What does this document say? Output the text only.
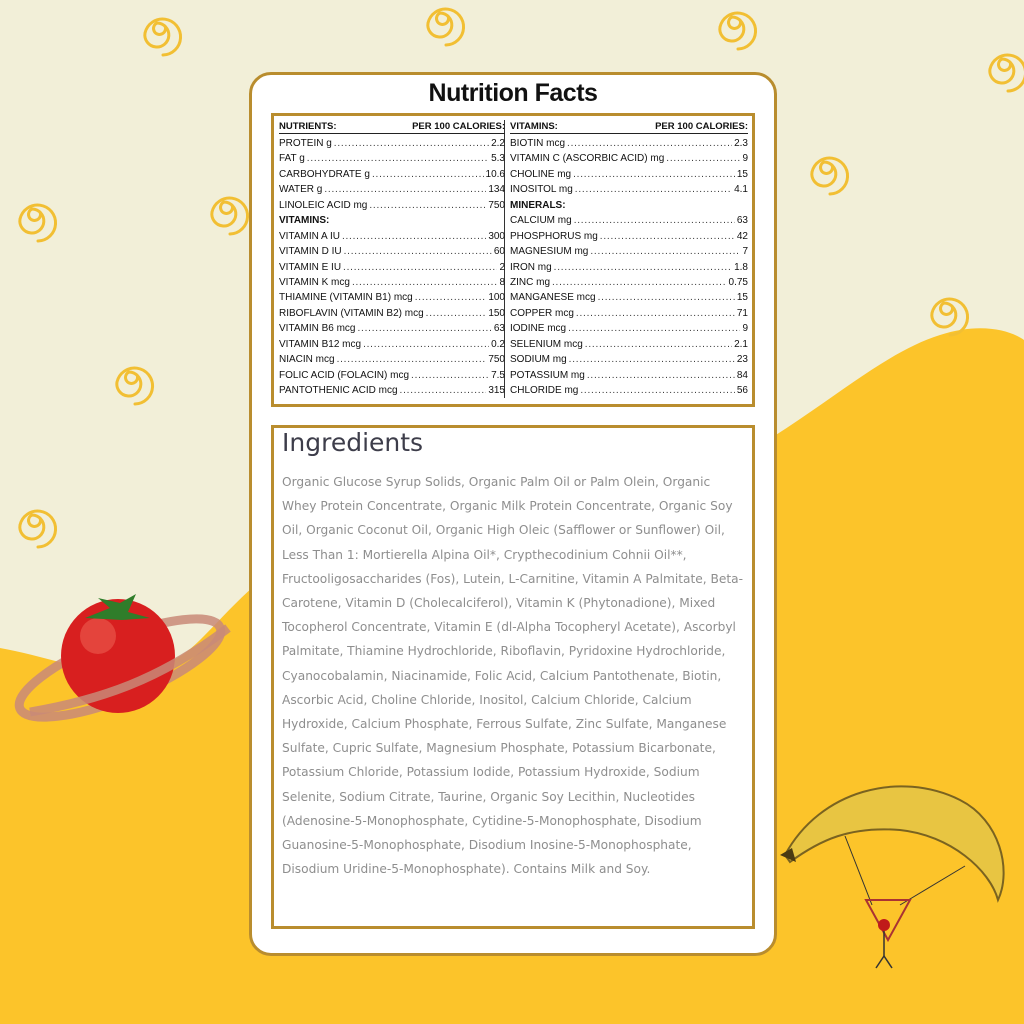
Nutrition Facts
NUTRIENTS:	PER 100 CALORIES:
PROTEIN g . . .	2.2
FAT g . . .	5.3
CARBOHYDRATE g . . .	10.6
WATER g . . .	134
LINOLEIC ACID mg . . .	750
VITAMINS:
VITAMIN A IU . . .	300
VITAMIN D IU . . .	60
VITAMIN E IU . . .	2
VITAMIN K mcg . . .	8
THIAMINE (VITAMIN B1) mcg . . .	100
RIBOFLAVIN (VITAMIN B2) mcg . . .	150
VITAMIN B6 mcg . . .	63
VITAMIN B12 mcg . . .	0.2
NIACIN mcg . . .	750
FOLIC ACID (FOLACIN) mcg . . .	7.5
PANTOTHENIC ACID mcg . . .	315
VITAMINS:	PER 100 CALORIES:
BIOTIN mcg . . .	2.3
VITAMIN C (ASCORBIC ACID) mg . . .	9
CHOLINE mg . . .	15
INOSITOL mg . . .	4.1
MINERALS:
CALCIUM mg . . .	63
PHOSPHORUS mg . . .	42
MAGNESIUM mg . . .	7
IRON mg . . .	1.8
ZINC mg . . .	0.75
MANGANESE mcg . . .	15
COPPER mcg . . .	71
IODINE mcg . . .	9
SELENIUM mcg . . .	2.1
SODIUM mg . . .	23
POTASSIUM mg . . .	84
CHLORIDE mg . . .	56
Ingredients
Organic Glucose Syrup Solids, Organic Palm Oil or Palm Olein, Organic Whey Protein Concentrate, Organic Milk Protein Concentrate, Organic Soy Oil, Organic Coconut Oil, Organic High Oleic (Safflower or Sunflower) Oil, Less Than 1: Mortierella Alpina Oil*, Crypthecodinium Cohnii Oil**, Fructooligosaccharides (Fos), Lutein, L-Carnitine, Vitamin A Palmitate, Beta-Carotene, Vitamin D (Cholecalciferol), Vitamin K (Phytonadione), Mixed Tocopherol Concentrate, Vitamin E (dl-Alpha Tocopheryl Acetate), Ascorbyl Palmitate, Thiamine Hydrochloride, Riboflavin, Pyridoxine Hydrochloride, Cyanocobalamin, Niacinamide, Folic Acid, Calcium Pantothenate, Biotin, Ascorbic Acid, Choline Chloride, Inositol, Calcium Chloride, Calcium Hydroxide, Calcium Phosphate, Ferrous Sulfate, Zinc Sulfate, Manganese Sulfate, Cupric Sulfate, Magnesium Phosphate, Potassium Bicarbonate, Potassium Chloride, Potassium Iodide, Potassium Hydroxide, Sodium Selenite, Sodium Citrate, Taurine, Organic Soy Lecithin, Nucleotides (Adenosine-5-Monophosphate, Cytidine-5-Monophosphate, Disodium Guanosine-5-Monophosphate, Disodium Inosine-5-Monophosphate, Disodium Uridine-5-Monophosphate). Contains Milk and Soy.
